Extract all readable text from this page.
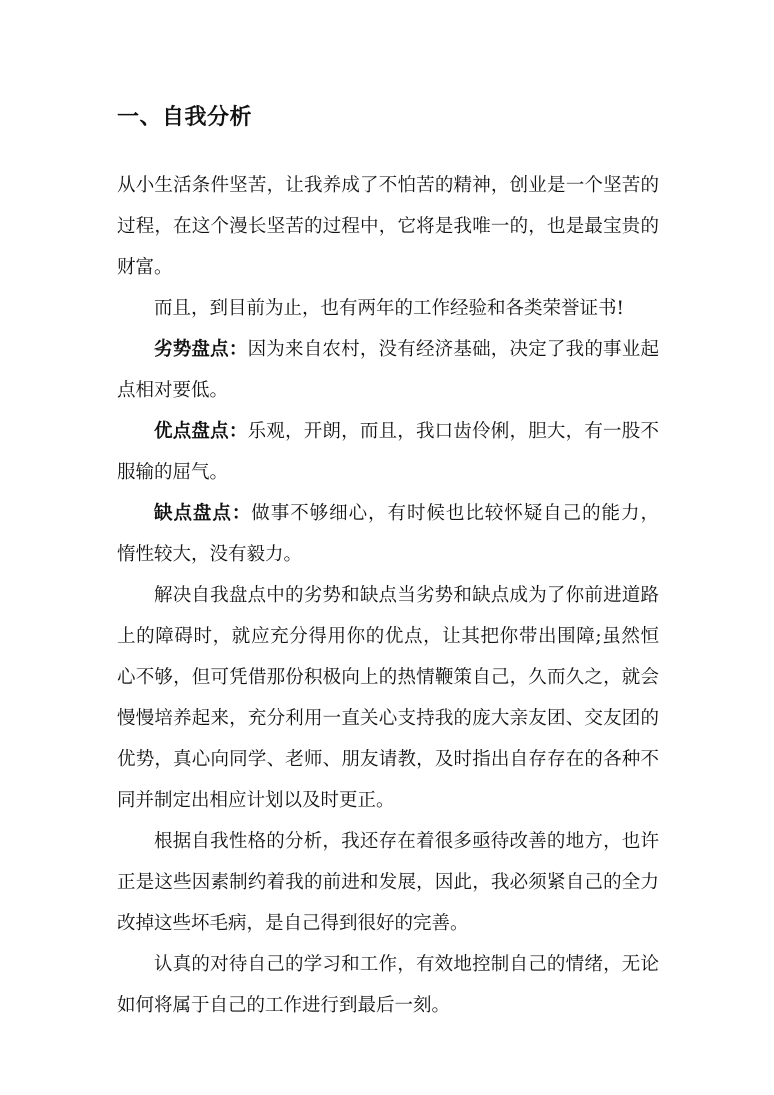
一、自我分析

从小生活条件坚苦，让我养成了不怕苦的精神，创业是一个坚苦的过程，在这个漫长坚苦的过程中，它将是我唯一的，也是最宝贵的财富。

而且，到目前为止，也有两年的工作经验和各类荣誉证书!

劣势盘点：因为来自农村，没有经济基础，决定了我的事业起点相对要低。

优点盘点：乐观，开朗，而且，我口齿伶俐，胆大，有一股不服输的屈气。

缺点盘点：做事不够细心，有时候也比较怀疑自己的能力， 惰性较大，没有毅力。

解决自我盘点中的劣势和缺点当劣势和缺点成为了你前进道路上的障碍时，就应充分得用你的优点，让其把你带出围障;虽然恒心不够，但可凭借那份积极向上的热情鞭策自己，久而久之，就会慢慢培养起来，充分利用一直关心支持我的庞大亲友团、交友团的优势，真心向同学、老师、朋友请教，及时指出自存存在的各种不同并制定出相应计划以及时更正。

根据自我性格的分析，我还存在着很多亟待改善的地方，也许正是这些因素制约着我的前进和发展，因此，我必须紧自己的全力改掉这些坏毛病，是自己得到很好的完善。

认真的对待自己的学习和工作，有效地控制自己的情绪，无论如何将属于自己的工作进行到最后一刻。
